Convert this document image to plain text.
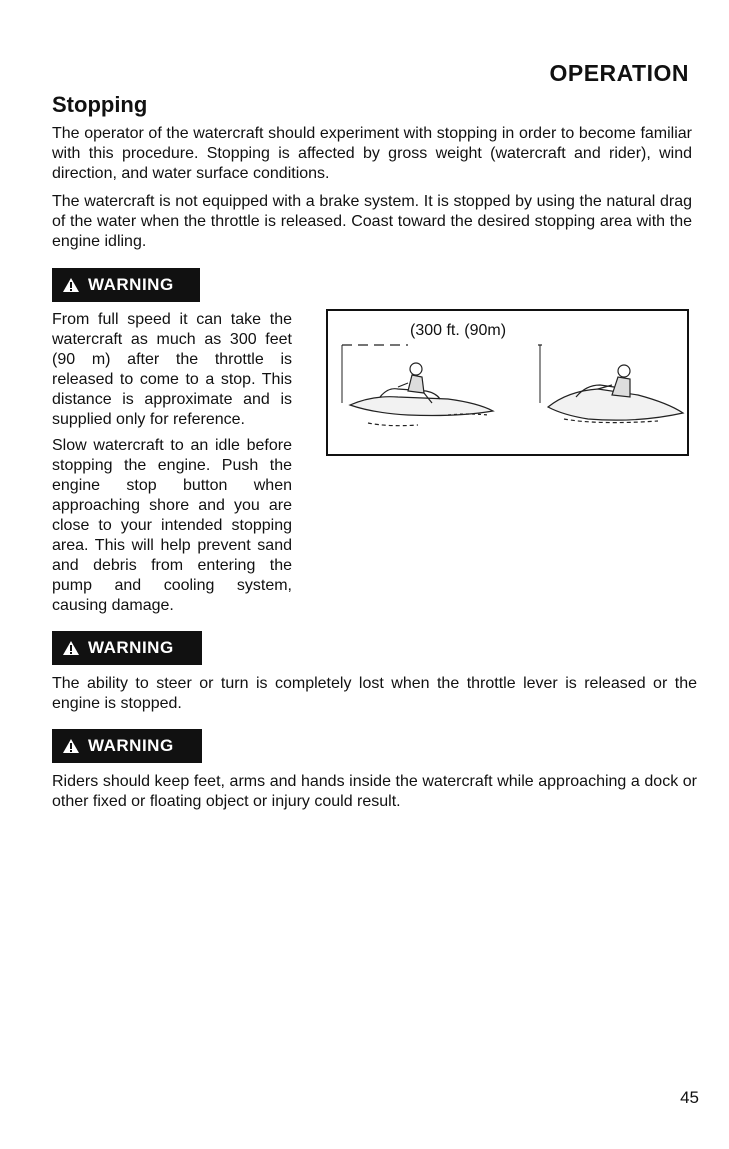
OPERATION
Stopping
The operator of the watercraft should experiment with stopping in order to become familiar with this procedure. Stopping is affected by gross weight (watercraft and rider), wind direction, and water surface conditions.
The watercraft is not equipped with a brake system. It is stopped by using the natural drag of the water when the throttle is released. Coast toward the desired stopping area with the engine idling.
WARNING
From full speed it can take the watercraft as much as 300 feet (90 m) after the throttle is released to come to a stop. This distance is approximate and is supplied only for reference.
Slow watercraft to an idle before stopping the engine. Push the engine stop button when approaching shore and you are close to your intended stopping area. This will help prevent sand and debris from entering the pump and cooling system, causing damage.
(300 ft. (90m)
WARNING
The ability to steer or turn is completely lost when the throttle lever is released or the engine is stopped.
WARNING
Riders should keep feet, arms and hands inside the watercraft while approaching a dock or other fixed or floating object or injury could result.
45
